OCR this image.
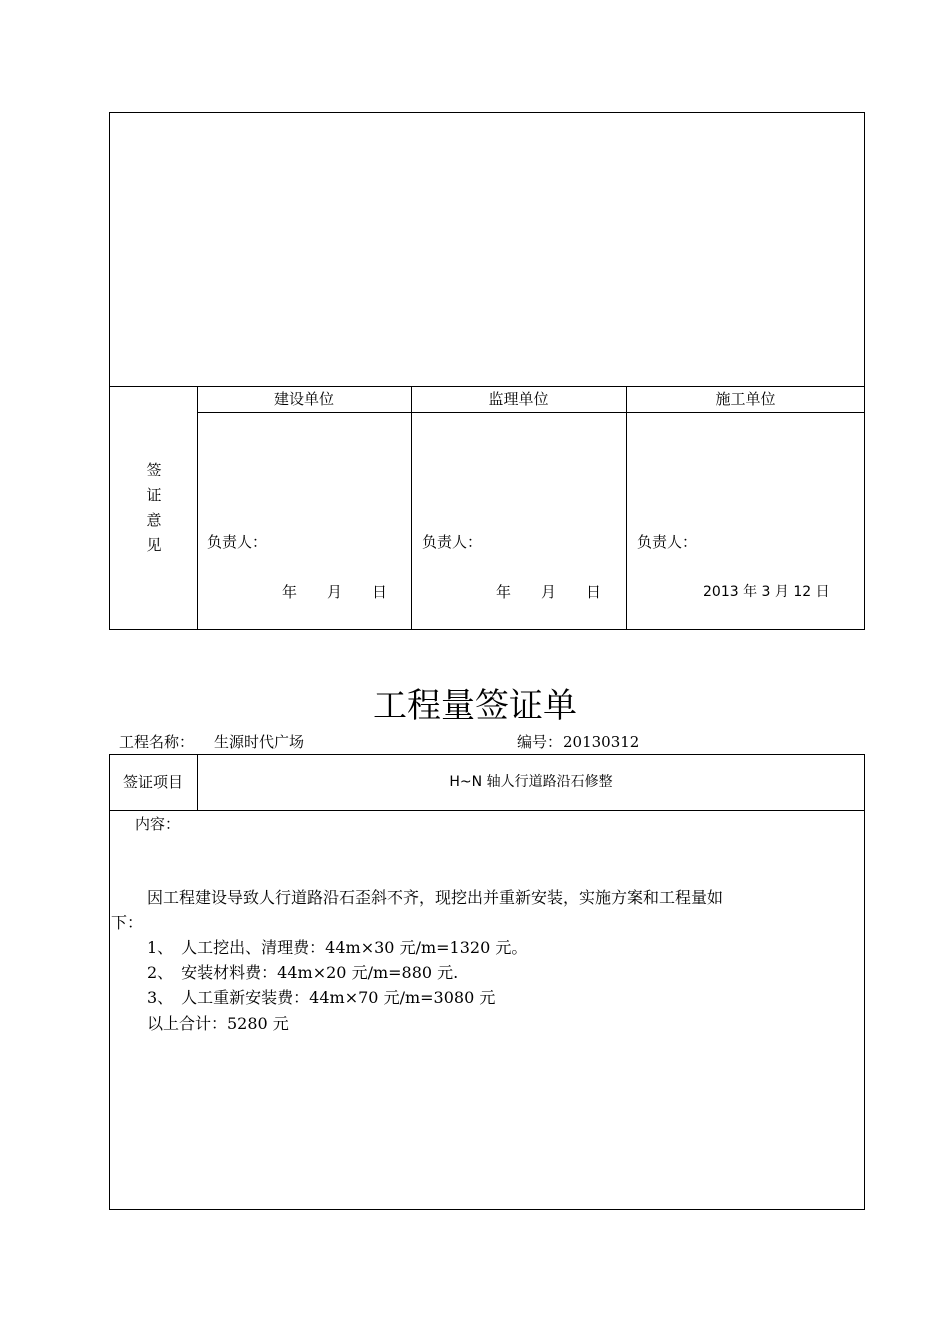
签
证
意
见
建设单位	监理单位	施工单位
负责人：	负责人：	负责人：
年　　月　　日	年　　月　　日	2013 年 3 月 12 日
工程量签证单
工程名称： 生源时代广场	编号： 20130312
签证项目	H~N 轴人行道路沿石修整
内容：
因工程建设导致人行道路沿石歪斜不齐，现挖出并重新安装，实施方案和工程量如
下：
1、　人工挖出、清理费：44m×30 元/m=1320 元。
2、　安装材料费：44m×20 元/m=880 元.
3、　人工重新安装费：44m×70 元/m=3080 元
以上合计：5280 元
